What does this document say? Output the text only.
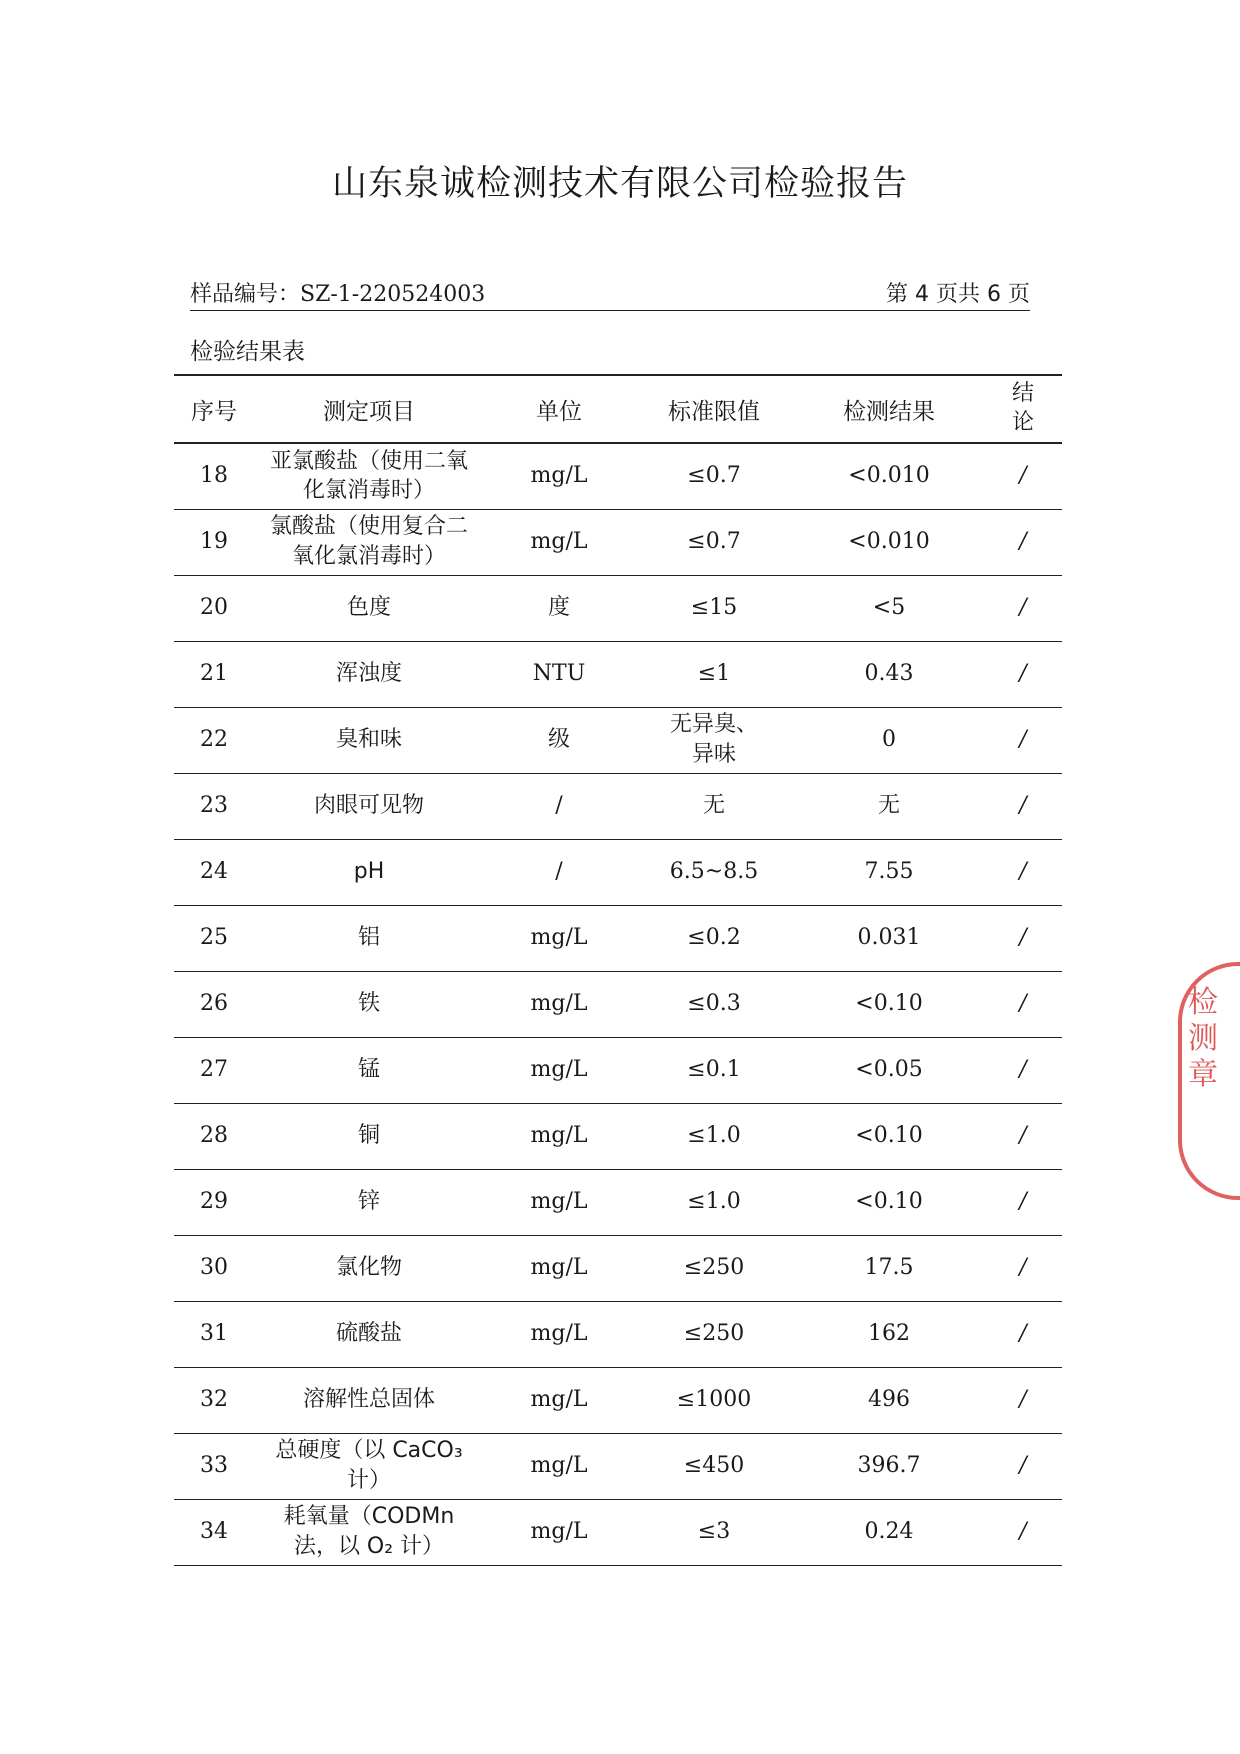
山东泉诚检测技术有限公司检验报告
样品编号：SZ-1-220524003	第 4 页共 6 页
检验结果表
序号	测定项目	单位	标准限值	检测结果	结论
18	亚氯酸盐（使用二氧化氯消毒时）	mg/L	≤0.7	<0.010	/
19	氯酸盐（使用复合二氧化氯消毒时）	mg/L	≤0.7	<0.010	/
20	色度	度	≤15	<5	/
21	浑浊度	NTU	≤1	0.43	/
22	臭和味	级	无异臭、异味	0	/
23	肉眼可见物	/	无	无	/
24	pH	/	6.5~8.5	7.55	/
25	铝	mg/L	≤0.2	0.031	/
26	铁	mg/L	≤0.3	<0.10	/
27	锰	mg/L	≤0.1	<0.05	/
28	铜	mg/L	≤1.0	<0.10	/
29	锌	mg/L	≤1.0	<0.10	/
30	氯化物	mg/L	≤250	17.5	/
31	硫酸盐	mg/L	≤250	162	/
32	溶解性总固体	mg/L	≤1000	496	/
33	总硬度（以 CaCO₃ 计）	mg/L	≤450	396.7	/
34	耗氧量（CODMn 法，以 O₂ 计）	mg/L	≤3	0.24	/
检测章
